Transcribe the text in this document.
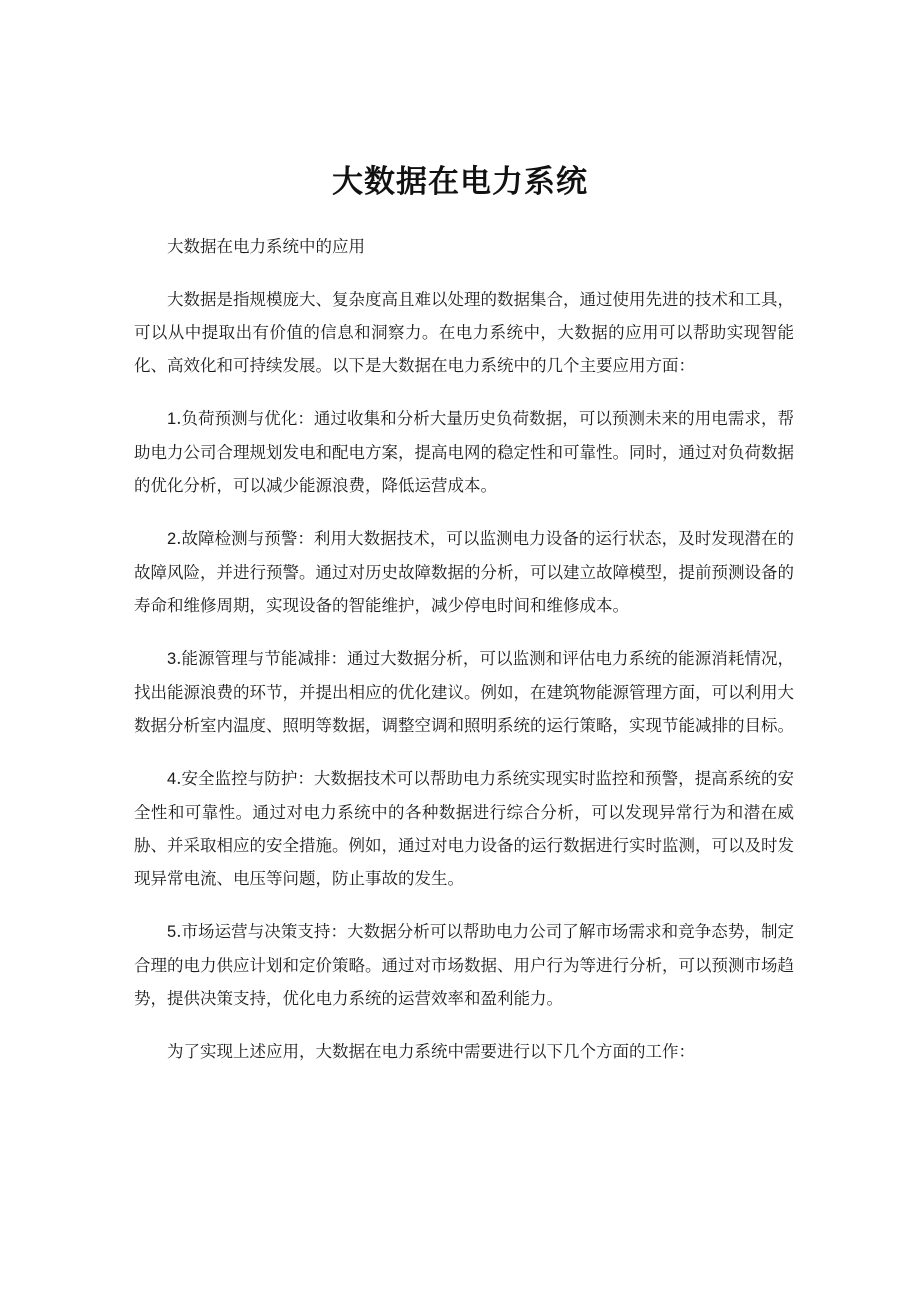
大数据在电力系统

大数据在电力系统中的应用

大数据是指规模庞大、复杂度高且难以处理的数据集合，通过使用先进的技术和工具，可以从中提取出有价值的信息和洞察力。在电力系统中，大数据的应用可以帮助实现智能化、高效化和可持续发展。以下是大数据在电力系统中的几个主要应用方面：

1.负荷预测与优化：通过收集和分析大量历史负荷数据，可以预测未来的用电需求，帮助电力公司合理规划发电和配电方案，提高电网的稳定性和可靠性。同时，通过对负荷数据的优化分析，可以减少能源浪费，降低运营成本。

2.故障检测与预警：利用大数据技术，可以监测电力设备的运行状态，及时发现潜在的故障风险，并进行预警。通过对历史故障数据的分析，可以建立故障模型，提前预测设备的寿命和维修周期，实现设备的智能维护，减少停电时间和维修成本。

3.能源管理与节能减排：通过大数据分析，可以监测和评估电力系统的能源消耗情况，找出能源浪费的环节，并提出相应的优化建议。例如，在建筑物能源管理方面，可以利用大数据分析室内温度、照明等数据，调整空调和照明系统的运行策略，实现节能减排的目标。

4.安全监控与防护：大数据技术可以帮助电力系统实现实时监控和预警，提高系统的安全性和可靠性。通过对电力系统中的各种数据进行综合分析，可以发现异常行为和潜在威胁、并采取相应的安全措施。例如，通过对电力设备的运行数据进行实时监测，可以及时发现异常电流、电压等问题，防止事故的发生。

5.市场运营与决策支持：大数据分析可以帮助电力公司了解市场需求和竞争态势，制定合理的电力供应计划和定价策略。通过对市场数据、用户行为等进行分析，可以预测市场趋势，提供决策支持，优化电力系统的运营效率和盈利能力。

为了实现上述应用，大数据在电力系统中需要进行以下几个方面的工作：
